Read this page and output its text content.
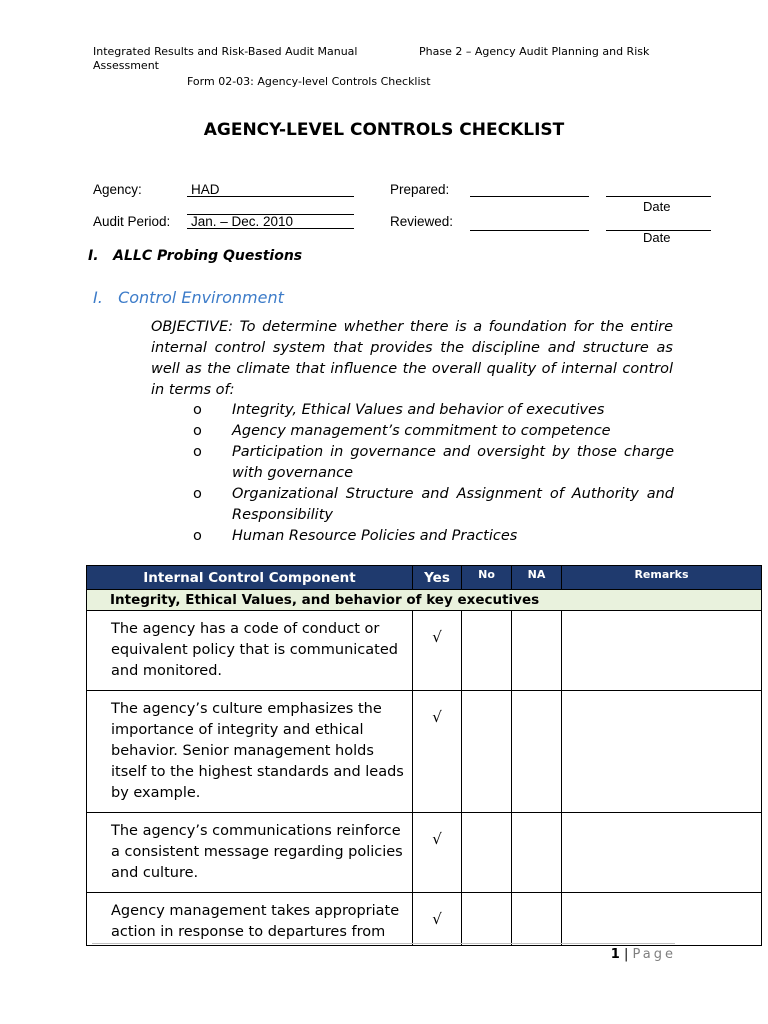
Integrated Results and Risk-Based Audit Manual
Assessment
Phase 2 – Agency Audit Planning and Risk
Form 02-03: Agency-level Controls Checklist
AGENCY-LEVEL CONTROLS CHECKLIST
Agency:	HAD
Audit Period: Jan. – Dec. 2010
Prepared:
Date
Reviewed:
Date
I.   ALLC Probing Questions
I.   Control Environment
OBJECTIVE: To determine whether there is a foundation for the entire internal control system that provides the discipline and structure as well as the climate that influence the overall quality of internal control in terms of:
o Integrity, Ethical Values and behavior of executives
o Agency management’s commitment to competence
o Participation in governance and oversight by those charge with governance
o Organizational Structure and Assignment of Authority and Responsibility
o Human Resource Policies and Practices
Internal Control Component	Yes	No	NA	Remarks
Integrity, Ethical Values, and behavior of key executives				
The agency has a code of conduct or equivalent policy that is communicated and monitored.	√			
The agency’s culture emphasizes the importance of integrity and ethical behavior. Senior management holds itself to the highest standards and leads by example.	√			
The agency’s communications reinforce a consistent message regarding policies and culture.	√			
Agency management takes appropriate action in response to departures from	√			
1 | Page
